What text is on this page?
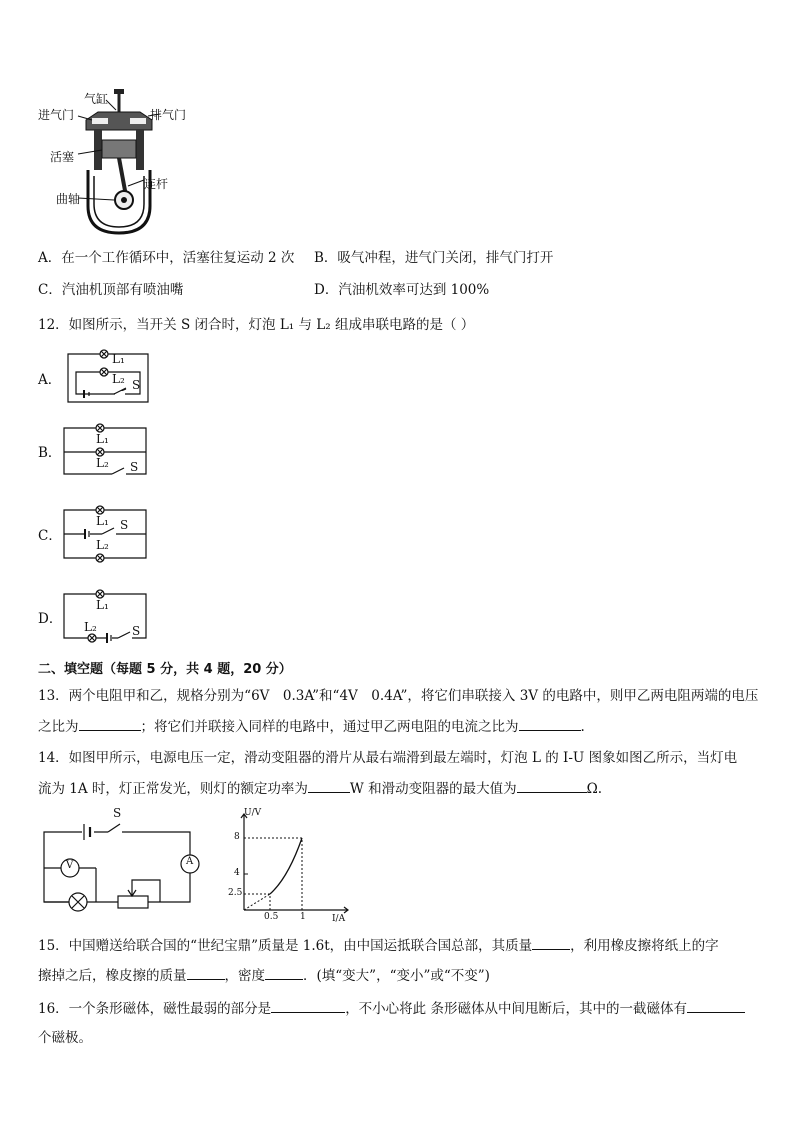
气缸
进气门	排气门
活塞
连杆
曲轴
A．在一个工作循环中，活塞往复运动 2 次 B．吸气冲程，进气门关闭，排气门打开
C．汽油机顶部有喷油嘴	D．汽油机效率可达到 100%
12．如图所示，当开关 S 闭合时，灯泡 L₁ 与 L₂ 组成串联电路的是（ ）
A．
B．
C．
D．
L₁
L₂ S
L₁
L₂ S
L₁
L₂
S
L₁
L₂	S
二、填空题（每题 5 分，共 4 题，20 分）
13．两个电阻甲和乙，规格分别为“6V　0.3A”和“4V　0.4A”，将它们串联接入 3V 的电路中，则甲乙两电阻两端的电压
之比为	；将它们并联接入同样的电路中，通过甲乙两电阻的电流之比为	.
14．如图甲所示，电源电压一定，滑动变阻器的滑片从最右端滑到最左端时，灯泡 L 的 I-U 图象如图乙所示，当灯电
流为 1A 时，灯正常发光，则灯的额定功率为	W 和滑动变阻器的最大值为	Ω.
S
V	A
U/V
I/A
8
4
2.5
0.5 1
15．中国赠送给联合国的“世纪宝鼎”质量是 1.6t，由中国运抵联合国总部，其质量	，利用橡皮擦将纸上的字
擦掉之后，橡皮擦的质量	，密度	．(填“变大”，“变小”或“不变”)
16．一个条形磁体，磁性最弱的部分是	，不小心将此 条形磁体从中间甩断后，其中的一截磁体有
个磁极。
